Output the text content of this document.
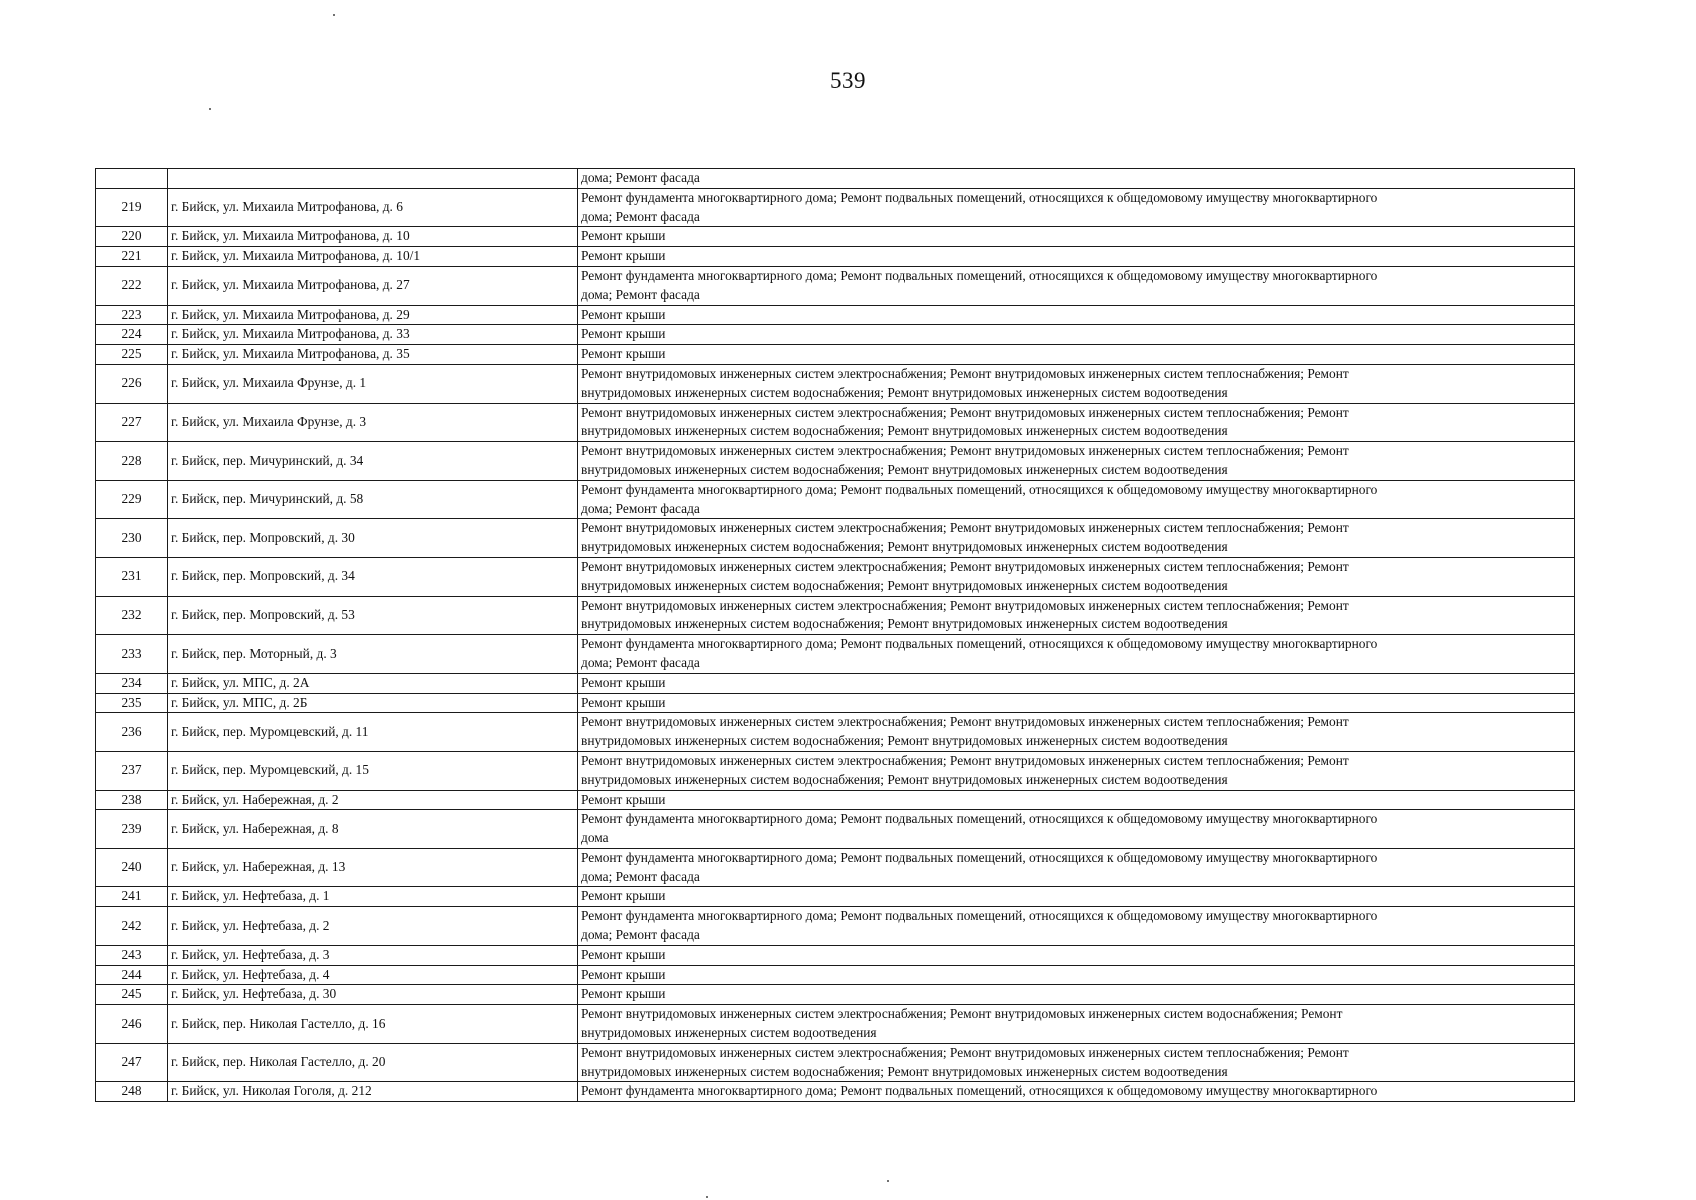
539

		дома; Ремонт фасада

219	г. Бийск, ул. Михаила Митрофанова, д. 6	Ремонт фундамента многоквартирного дома; Ремонт подвальных помещений, относящихся к общедомовому имуществу многоквартирного
дома; Ремонт фасада

220	г. Бийск, ул. Михаила Митрофанова, д. 10	Ремонт крыши

221	г. Бийск, ул. Михаила Митрофанова, д. 10/1	Ремонт крыши

222	г. Бийск, ул. Михаила Митрофанова, д. 27	Ремонт фундамента многоквартирного дома; Ремонт подвальных помещений, относящихся к общедомовому имуществу многоквартирного
дома; Ремонт фасада

223	г. Бийск, ул. Михаила Митрофанова, д. 29	Ремонт крыши

224	г. Бийск, ул. Михаила Митрофанова, д. 33	Ремонт крыши

225	г. Бийск, ул. Михаила Митрофанова, д. 35	Ремонт крыши

226	г. Бийск, ул. Михаила Фрунзе, д. 1	Ремонт внутридомовых инженерных систем электроснабжения; Ремонт внутридомовых инженерных систем теплоснабжения; Ремонт
внутридомовых инженерных систем водоснабжения; Ремонт внутридомовых инженерных систем водоотведения

227	г. Бийск, ул. Михаила Фрунзе, д. 3	Ремонт внутридомовых инженерных систем электроснабжения; Ремонт внутридомовых инженерных систем теплоснабжения; Ремонт
внутридомовых инженерных систем водоснабжения; Ремонт внутридомовых инженерных систем водоотведения

228	г. Бийск, пер. Мичуринский, д. 34	Ремонт внутридомовых инженерных систем электроснабжения; Ремонт внутридомовых инженерных систем теплоснабжения; Ремонт
внутридомовых инженерных систем водоснабжения; Ремонт внутридомовых инженерных систем водоотведения

229	г. Бийск, пер. Мичуринский, д. 58	Ремонт фундамента многоквартирного дома; Ремонт подвальных помещений, относящихся к общедомовому имуществу многоквартирного
дома; Ремонт фасада

230	г. Бийск, пер. Мопровский, д. 30	Ремонт внутридомовых инженерных систем электроснабжения; Ремонт внутридомовых инженерных систем теплоснабжения; Ремонт
внутридомовых инженерных систем водоснабжения; Ремонт внутридомовых инженерных систем водоотведения

231	г. Бийск, пер. Мопровский, д. 34	Ремонт внутридомовых инженерных систем электроснабжения; Ремонт внутридомовых инженерных систем теплоснабжения; Ремонт
внутридомовых инженерных систем водоснабжения; Ремонт внутридомовых инженерных систем водоотведения

232	г. Бийск, пер. Мопровский, д. 53	Ремонт внутридомовых инженерных систем электроснабжения; Ремонт внутридомовых инженерных систем теплоснабжения; Ремонт
внутридомовых инженерных систем водоснабжения; Ремонт внутридомовых инженерных систем водоотведения

233	г. Бийск, пер. Моторный, д. 3	Ремонт фундамента многоквартирного дома; Ремонт подвальных помещений, относящихся к общедомовому имуществу многоквартирного
дома; Ремонт фасада

234	г. Бийск, ул. МПС, д. 2А	Ремонт крыши

235	г. Бийск, ул. МПС, д. 2Б	Ремонт крыши

236	г. Бийск, пер. Муромцевский, д. 11	Ремонт внутридомовых инженерных систем электроснабжения; Ремонт внутридомовых инженерных систем теплоснабжения; Ремонт
внутридомовых инженерных систем водоснабжения; Ремонт внутридомовых инженерных систем водоотведения

237	г. Бийск, пер. Муромцевский, д. 15	Ремонт внутридомовых инженерных систем электроснабжения; Ремонт внутридомовых инженерных систем теплоснабжения; Ремонт
внутридомовых инженерных систем водоснабжения; Ремонт внутридомовых инженерных систем водоотведения

238	г. Бийск, ул. Набережная, д. 2	Ремонт крыши

239	г. Бийск, ул. Набережная, д. 8	Ремонт фундамента многоквартирного дома; Ремонт подвальных помещений, относящихся к общедомовому имуществу многоквартирного
дома

240	г. Бийск, ул. Набережная, д. 13	Ремонт фундамента многоквартирного дома; Ремонт подвальных помещений, относящихся к общедомовому имуществу многоквартирного
дома; Ремонт фасада

241	г. Бийск, ул. Нефтебаза, д. 1	Ремонт крыши

242	г. Бийск, ул. Нефтебаза, д. 2	Ремонт фундамента многоквартирного дома; Ремонт подвальных помещений, относящихся к общедомовому имуществу многоквартирного
дома; Ремонт фасада

243	г. Бийск, ул. Нефтебаза, д. 3	Ремонт крыши

244	г. Бийск, ул. Нефтебаза, д. 4	Ремонт крыши

245	г. Бийск, ул. Нефтебаза, д. 30	Ремонт крыши

246	г. Бийск, пер. Николая Гастелло, д. 16	Ремонт внутридомовых инженерных систем электроснабжения; Ремонт внутридомовых инженерных систем водоснабжения; Ремонт
внутридомовых инженерных систем водоотведения

247	г. Бийск, пер. Николая Гастелло, д. 20	Ремонт внутридомовых инженерных систем электроснабжения; Ремонт внутридомовых инженерных систем теплоснабжения; Ремонт
внутридомовых инженерных систем водоснабжения; Ремонт внутридомовых инженерных систем водоотведения

248	г. Бийск, ул. Николая Гоголя, д. 212	Ремонт фундамента многоквартирного дома; Ремонт подвальных помещений, относящихся к общедомовому имуществу многоквартирного
